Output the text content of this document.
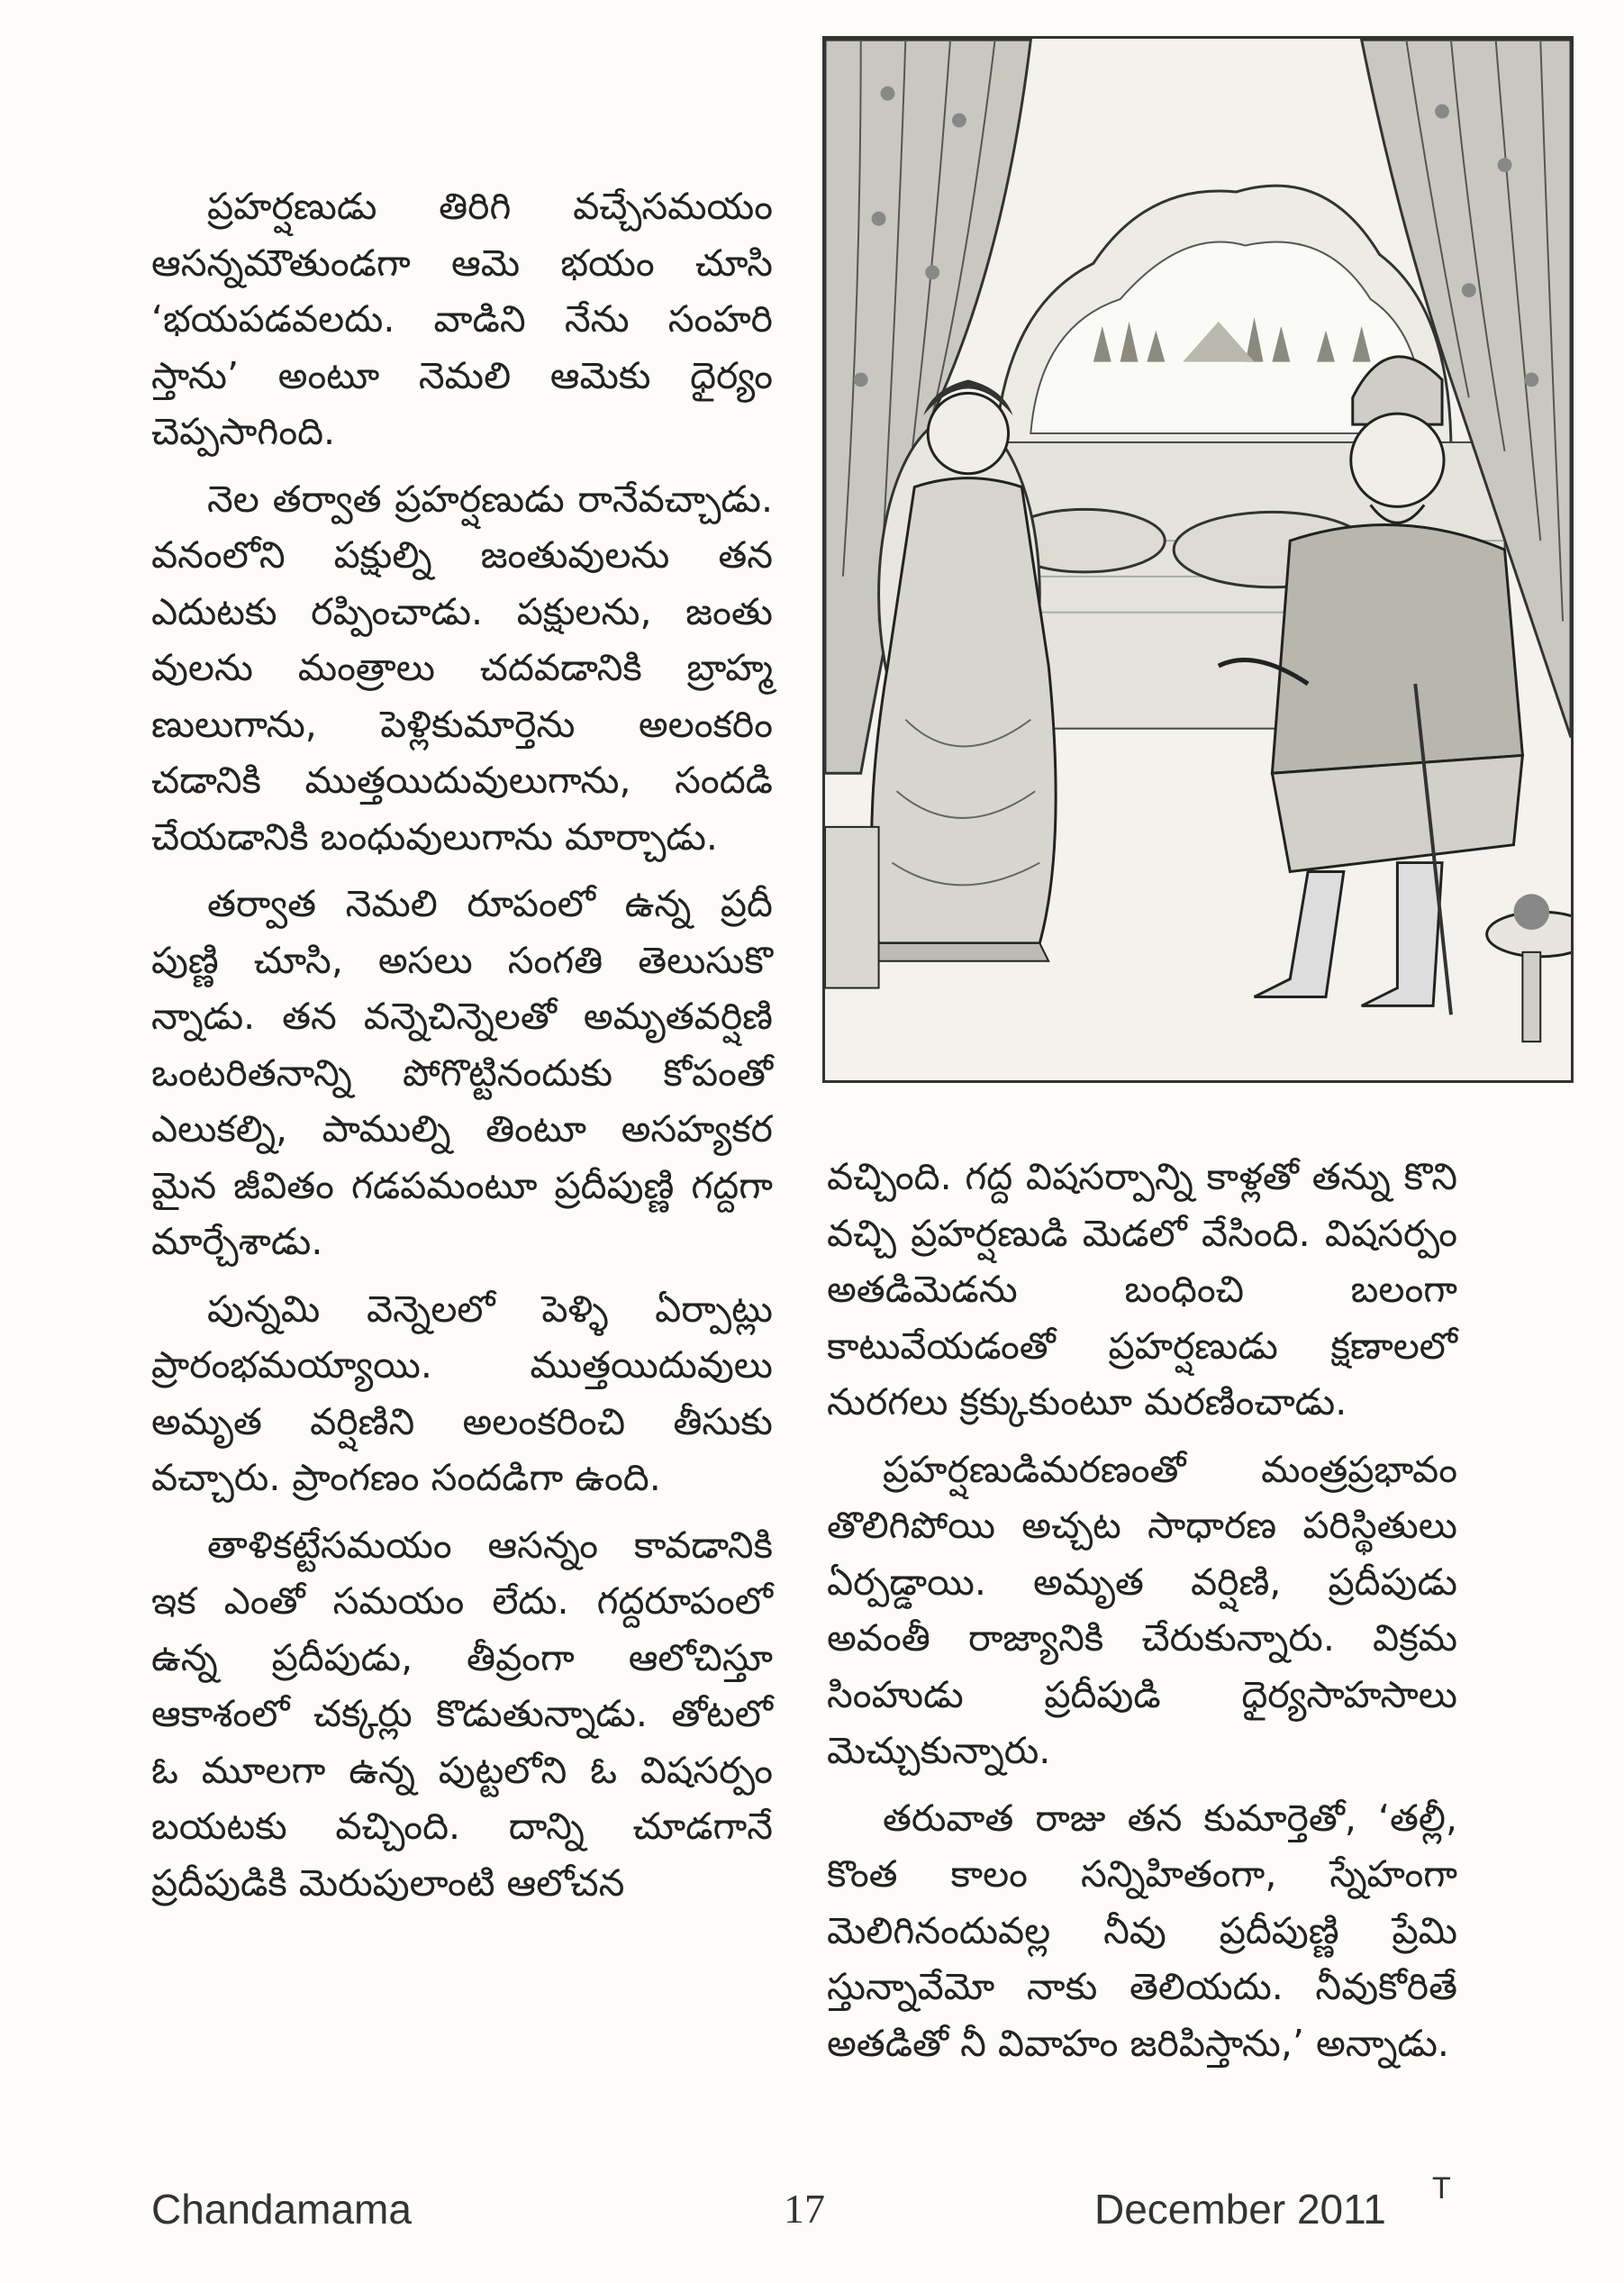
ప్రహర్షణుడు తిరిగి వచ్చేసమయం ఆసన్నమౌతుండగా ఆమె భయం చూసి ‘భయపడవలదు. వాడిని నేను సంహరి స్తాను’ అంటూ నెమలి ఆమెకు ధైర్యం చెప్పసాగింది.

నెల తర్వాత ప్రహర్షణుడు రానేవచ్చాడు. వనంలోని పక్షుల్ని జంతువులను తన ఎదుటకు రప్పించాడు. పక్షులను, జంతు వులను మంత్రాలు చదవడానికి బ్రాహ్మ ణులుగాను, పెళ్లికుమార్తెను అలంకరిం చడానికి ముత్తయిదువులుగాను, సందడి చేయడానికి బంధువులుగాను మార్చాడు.

తర్వాత నెమలి రూపంలో ఉన్న ప్రదీ పుణ్ణి చూసి, అసలు సంగతి తెలుసుకొ న్నాడు. తన వన్నెచిన్నెలతో అమృతవర్షిణి ఒంటరితనాన్ని పోగొట్టినందుకు కోపంతో ఎలుకల్ని, పాముల్ని తింటూ అసహ్యకర మైన జీవితం గడపమంటూ ప్రదీపుణ్ణి గద్దగా మార్చేశాడు.

పున్నమి వెన్నెలలో పెళ్ళి ఏర్పాట్లు ప్రారంభమయ్యాయి. ముత్తయిదువులు అమృత వర్షిణిని అలంకరించి తీసుకు వచ్చారు. ప్రాంగణం సందడిగా ఉంది.

తాళికట్టేసమయం ఆసన్నం కావడానికి ఇక ఎంతో సమయం లేదు. గద్దరూపంలో ఉన్న ప్రదీపుడు, తీవ్రంగా ఆలోచిస్తూ ఆకాశంలో చక్కర్లు కొడుతున్నాడు. తోటలో ఓ మూలగా ఉన్న పుట్టలోని ఓ విషసర్పం బయటకు వచ్చింది. దాన్ని చూడగానే ప్రదీపుడికి మెరుపులాంటి ఆలోచన

వచ్చింది. గద్ద విషసర్పాన్ని కాళ్లతో తన్ను కొని వచ్చి ప్రహర్షణుడి మెడలో వేసింది. విషసర్పం అతడిమెడను బంధించి బలంగా కాటువేయడంతో ప్రహర్షణుడు క్షణాలలో నురగలు క్రక్కుకుంటూ మరణించాడు.

ప్రహర్షణుడిమరణంతో మంత్రప్రభావం తొలిగిపోయి అచ్చట సాధారణ పరిస్థితులు ఏర్పడ్డాయి. అమృత వర్షిణి, ప్రదీపుడు అవంతీ రాజ్యానికి చేరుకున్నారు. విక్రమ సింహుడు ప్రదీపుడి ధైర్యసాహసాలు మెచ్చుకున్నారు.

తరువాత రాజు తన కుమార్తెతో, ‘తల్లీ, కొంత కాలం సన్నిహితంగా, స్నేహంగా మెలిగినందువల్ల నీవు ప్రదీపుణ్ణి ప్రేమి స్తున్నావేమో నాకు తెలియదు. నీవుకోరితే అతడితో నీ వివాహం జరిపిస్తాను,’ అన్నాడు.

Chandamama	17	December 2011 T
